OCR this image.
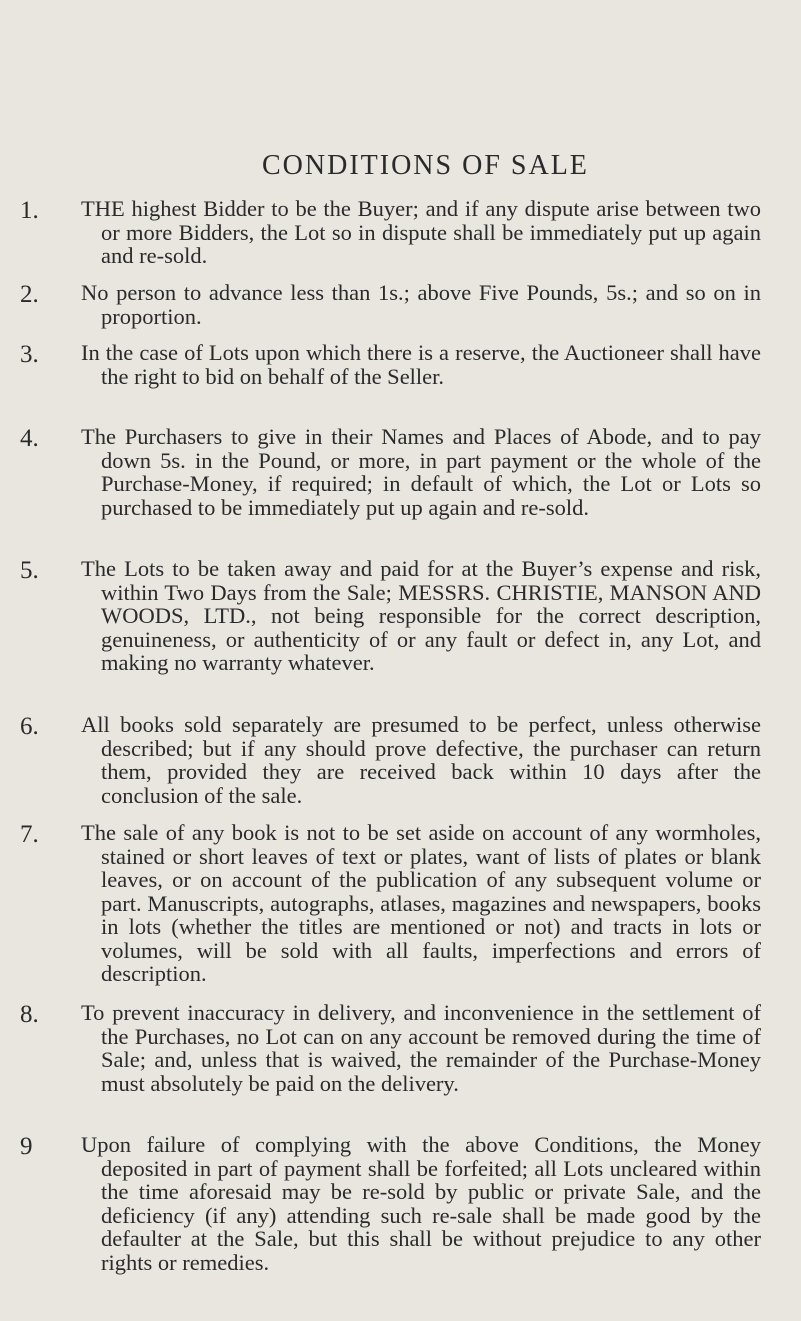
CONDITIONS OF SALE
1.	THE highest Bidder to be the Buyer; and if any dispute arise between two or more Bidders, the Lot so in dispute shall be immediately put up again and re-sold.

2.	No person to advance less than 1s.; above Five Pounds, 5s.; and so on in proportion.

3.	In the case of Lots upon which there is a reserve, the Auctioneer shall have the right to bid on behalf of the Seller.

4.	The Purchasers to give in their Names and Places of Abode, and to pay down 5s. in the Pound, or more, in part payment or the whole of the Purchase-Money, if required; in default of which, the Lot or Lots so purchased to be immediately put up again and re-sold.

5.	The Lots to be taken away and paid for at the Buyer’s expense and risk, within Two Days from the Sale; MESSRS. CHRISTIE, MANSON AND WOODS, LTD., not being responsible for the correct description, genuineness, or authenticity of or any fault or defect in, any Lot, and making no warranty whatever.

6.	All books sold separately are presumed to be perfect, unless otherwise described; but if any should prove defective, the purchaser can return them, provided they are received back within 10 days after the conclusion of the sale.

7.	The sale of any book is not to be set aside on account of any wormholes, stained or short leaves of text or plates, want of lists of plates or blank leaves, or on account of the publication of any subsequent volume or part. Manuscripts, autographs, atlases, magazines and newspapers, books in lots (whether the titles are mentioned or not) and tracts in lots or volumes, will be sold with all faults, imperfections and errors of description.

8.	To prevent inaccuracy in delivery, and inconvenience in the settlement of the Purchases, no Lot can on any account be removed during the time of Sale; and, unless that is waived, the remainder of the Purchase-Money must absolutely be paid on the delivery.

9	Upon failure of complying with the above Conditions, the Money deposited in part of payment shall be forfeited; all Lots uncleared within the time aforesaid may be re-sold by public or private Sale, and the deficiency (if any) attending such re-sale shall be made good by the defaulter at the Sale, but this shall be without prejudice to any other rights or remedies.
